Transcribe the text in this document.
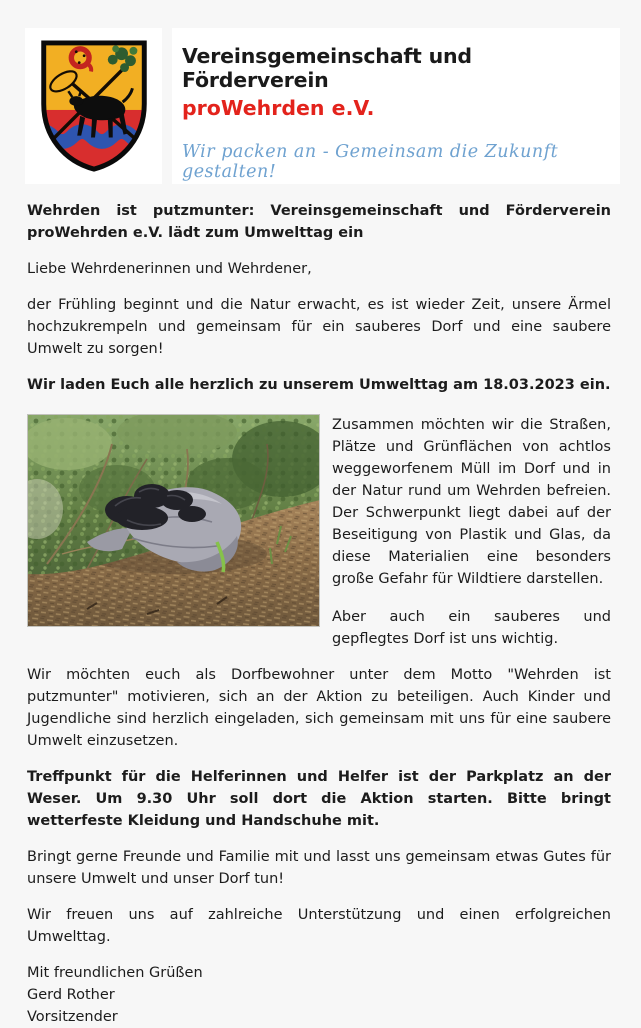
Vereinsgemeinschaft und Förderverein
proWehrden e.V.
Wir packen an - Gemeinsam die Zukunft gestalten!
Wehrden ist putzmunter: Vereinsgemeinschaft und Förderverein proWehrden e.V. lädt zum Umwelttag ein

Liebe Wehrdenerinnen und Wehrdener,

der Frühling beginnt und die Natur erwacht, es ist wieder Zeit, unsere Ärmel hochzukrempeln und gemeinsam für ein sauberes Dorf und eine saubere Umwelt zu sorgen!

Wir laden Euch alle herzlich zu unserem Umwelttag am 18.03.2023 ein.

Zusammen möchten wir die Straßen, Plätze und Grünflächen von achtlos weggeworfenem Müll im Dorf und in der Natur rund um Wehrden befreien. Der Schwerpunkt liegt dabei auf der Beseitigung von Plastik und Glas, da diese Materialien eine besonders große Gefahr für Wildtiere darstellen.

Aber auch ein sauberes und gepflegtes Dorf ist uns wichtig.

Wir möchten euch als Dorfbewohner unter dem Motto "Wehrden ist putzmunter" motivieren, sich an der Aktion zu beteiligen. Auch Kinder und Jugendliche sind herzlich eingeladen, sich gemeinsam mit uns für eine saubere Umwelt einzusetzen.

Treffpunkt für die Helferinnen und Helfer ist der Parkplatz an der Weser. Um 9.30 Uhr soll dort die Aktion starten. Bitte bringt wetterfeste Kleidung und Handschuhe mit.

Bringt gerne Freunde und Familie mit und lasst uns gemeinsam etwas Gutes für unsere Umwelt und unser Dorf tun!

Wir freuen uns auf zahlreiche Unterstützung und einen erfolgreichen Umwelttag.

Mit freundlichen Grüßen
Gerd Rother
Vorsitzender
